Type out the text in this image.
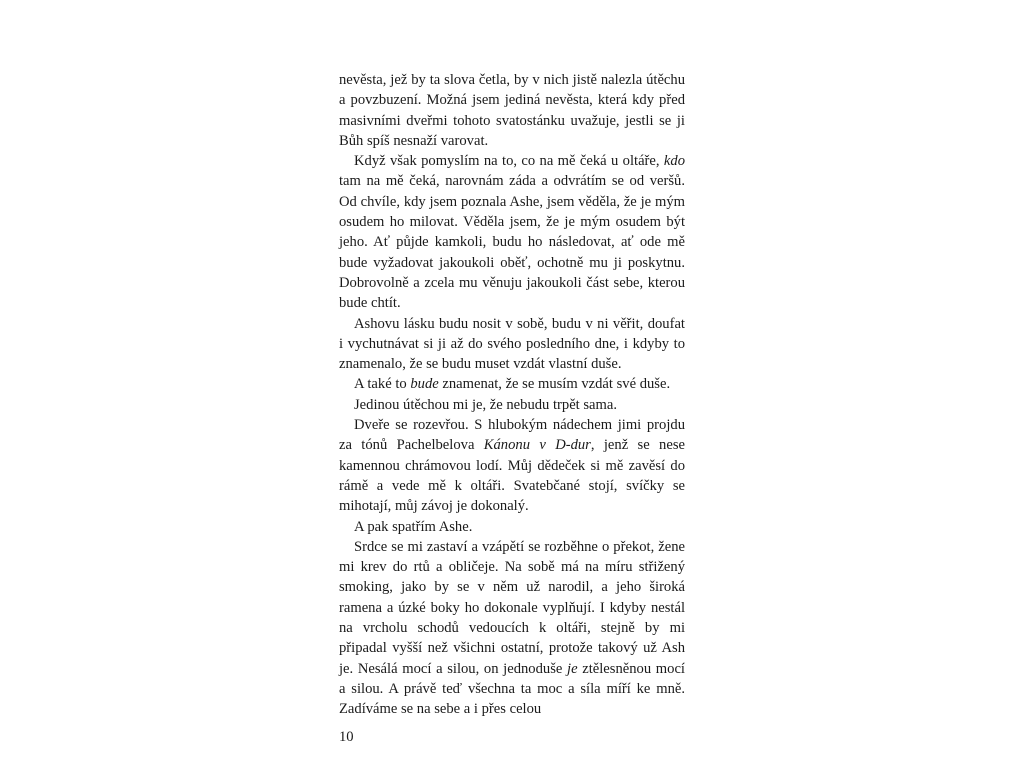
nevěsta, jež by ta slova četla, by v nich jistě nalezla útěchu a povzbuzení. Možná jsem jediná nevěsta, která kdy před masivními dveřmi tohoto svatostánku uvažuje, jestli se ji Bůh spíš nesnaží varovat.

Když však pomyslím na to, co na mě čeká u oltáře, kdo tam na mě čeká, narovnám záda a odvrátím se od veršů. Od chvíle, kdy jsem poznala Ashe, jsem věděla, že je mým osudem ho milovat. Věděla jsem, že je mým osudem být jeho. Ať půjde kamkoli, budu ho následovat, ať ode mě bude vyžadovat jakoukoli oběť, ochotně mu ji poskytnu. Dobrovolně a zcela mu věnuju jakoukoli část sebe, kterou bude chtít.

Ashovu lásku budu nosit v sobě, budu v ni věřit, doufat i vychutnávat si ji až do svého posledního dne, i kdyby to znamenalo, že se budu muset vzdát vlastní duše.

A také to bude znamenat, že se musím vzdát své duše.

Jedinou útěchou mi je, že nebudu trpět sama.

Dveře se rozevřou. S hlubokým nádechem jimi projdu za tónů Pachelbelova Kánonu v D-dur, jenž se nese kamennou chrámovou lodí. Můj dědeček si mě zavěsí do rámě a vede mě k oltáři. Svatebčané stojí, svíčky se mihotají, můj závoj je dokonalý.

A pak spatřím Ashe.

Srdce se mi zastaví a vzápětí se rozběhne o překot, žene mi krev do rtů a obličeje. Na sobě má na míru střižený smoking, jako by se v něm už narodil, a jeho široká ramena a úzké boky ho dokonale vyplňují. I kdyby nestál na vrcholu schodů vedoucích k oltáři, stejně by mi připadal vyšší než všichni ostatní, protože takový už Ash je. Nesálá mocí a silou, on jednoduše je ztělesněnou mocí a silou. A právě teď všechna ta moc a síla míří ke mně. Zadíváme se na sebe a i přes celou

10
